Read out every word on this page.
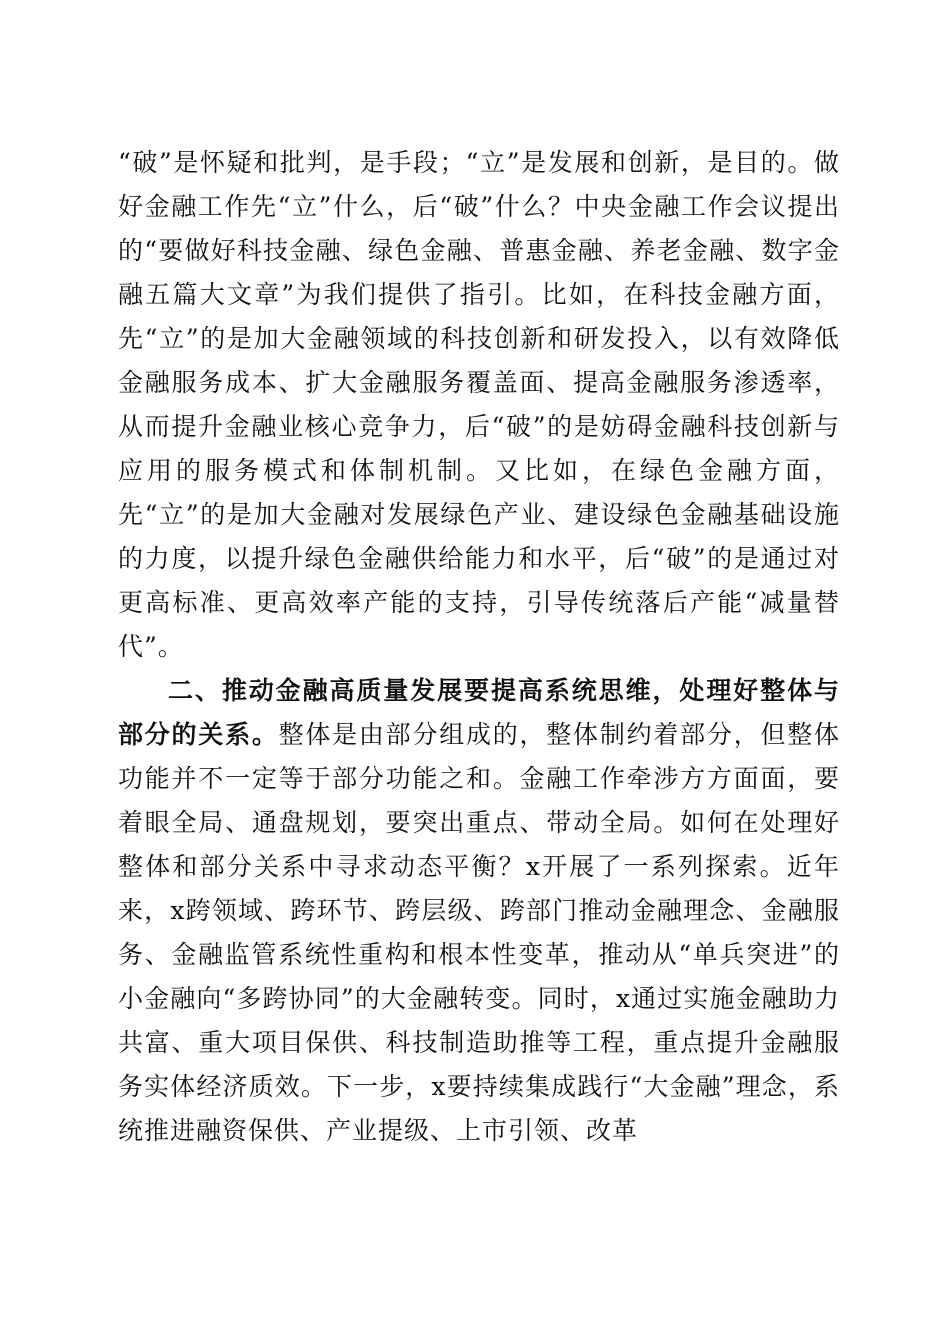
“破”是怀疑和批判，是手段；“立”是发展和创新，是目的。做好金融工作先“立”什么，后“破”什么？中央金融工作会议提出的“要做好科技金融、绿色金融、普惠金融、养老金融、数字金融五篇大文章”为我们提供了指引。比如，在科技金融方面，先“立”的是加大金融领域的科技创新和研发投入，以有效降低金融服务成本、扩大金融服务覆盖面、提高金融服务渗透率，从而提升金融业核心竞争力，后“破”的是妨碍金融科技创新与应用的服务模式和体制机制。又比如，在绿色金融方面，先“立”的是加大金融对发展绿色产业、建设绿色金融基础设施的力度，以提升绿色金融供给能力和水平，后“破”的是通过对更高标准、更高效率产能的支持，引导传统落后产能“减量替代”。

二、推动金融高质量发展要提高系统思维，处理好整体与部分的关系。整体是由部分组成的，整体制约着部分，但整体功能并不一定等于部分功能之和。金融工作牵涉方方面面，要着眼全局、通盘规划，要突出重点、带动全局。如何在处理好整体和部分关系中寻求动态平衡？x开展了一系列探索。近年来，x跨领域、跨环节、跨层级、跨部门推动金融理念、金融服务、金融监管系统性重构和根本性变革，推动从“单兵突进”的小金融向“多跨协同”的大金融转变。同时，x通过实施金融助力共富、重大项目保供、科技制造助推等工程，重点提升金融服务实体经济质效。下一步，x要持续集成践行“大金融”理念，系统推进融资保供、产业提级、上市引领、改革
